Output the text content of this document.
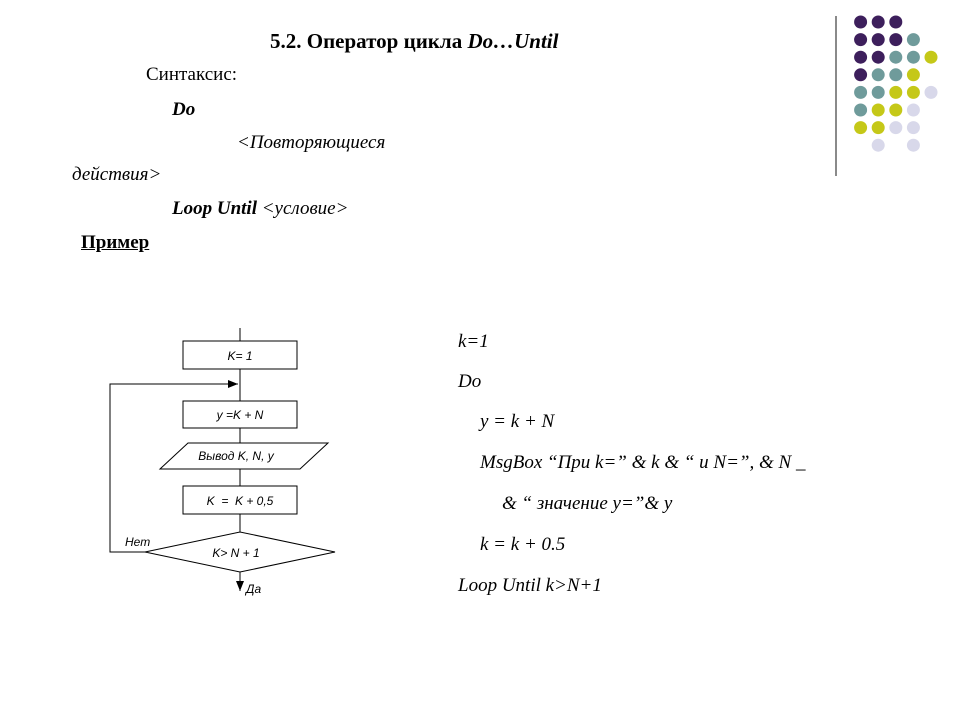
5.2. Оператор цикла Do…Until
Синтаксис:
Do
<Повторяющиеся
действия>
Loop Until <условие>
Пример
K= 1
y =K + N
Вывод K, N, y
K  =  K + 0,5
K> N + 1
Нет
Да
k=1
Do
y = k + N
MsgBox “При k=” & k & “ и N=”, & N _
& “ значение y=”& y
k = k + 0.5
Loop Until k>N+1
